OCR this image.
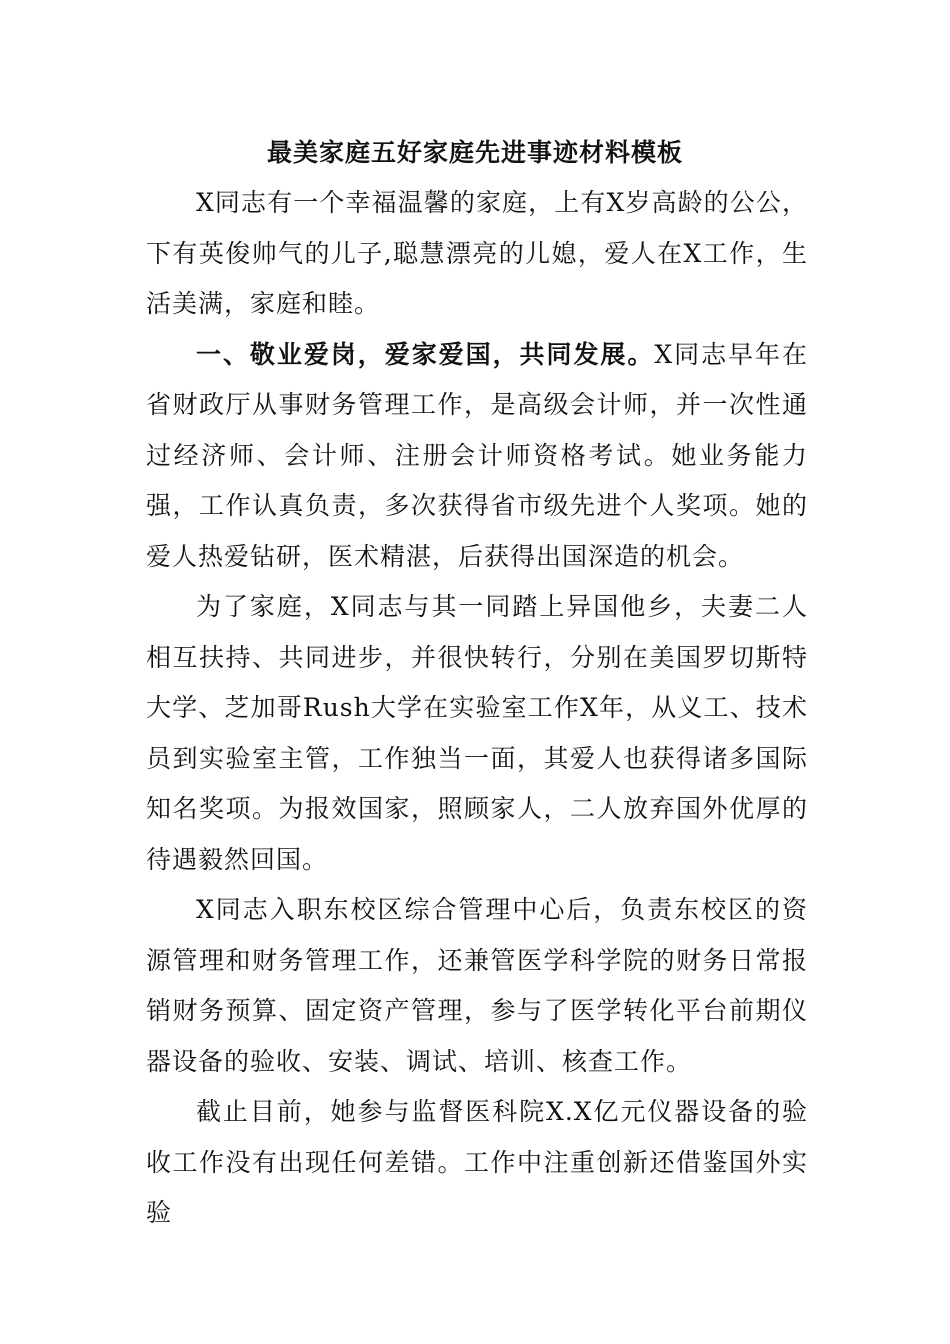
最美家庭五好家庭先进事迹材料模板

X同志有一个幸福温馨的家庭，上有X岁高龄的公公，下有英俊帅气的儿子,聪慧漂亮的儿媳，爱人在X工作，生活美满，家庭和睦。

一、敬业爱岗，爱家爱国，共同发展。X同志早年在省财政厅从事财务管理工作，是高级会计师，并一次性通过经济师、会计师、注册会计师资格考试。她业务能力强，工作认真负责，多次获得省市级先进个人奖项。她的爱人热爱钻研，医术精湛，后获得出国深造的机会。

为了家庭，X同志与其一同踏上异国他乡，夫妻二人相互扶持、共同进步，并很快转行，分别在美国罗切斯特大学、芝加哥Rush大学在实验室工作X年，从义工、技术员到实验室主管，工作独当一面，其爱人也获得诸多国际知名奖项。为报效国家，照顾家人，二人放弃国外优厚的待遇毅然回国。

X同志入职东校区综合管理中心后，负责东校区的资源管理和财务管理工作，还兼管医学科学院的财务日常报销财务预算、固定资产管理，参与了医学转化平台前期仪器设备的验收、安装、调试、培训、核查工作。

截止目前，她参与监督医科院X.X亿元仪器设备的验收工作没有出现任何差错。工作中注重创新还借鉴国外实验
